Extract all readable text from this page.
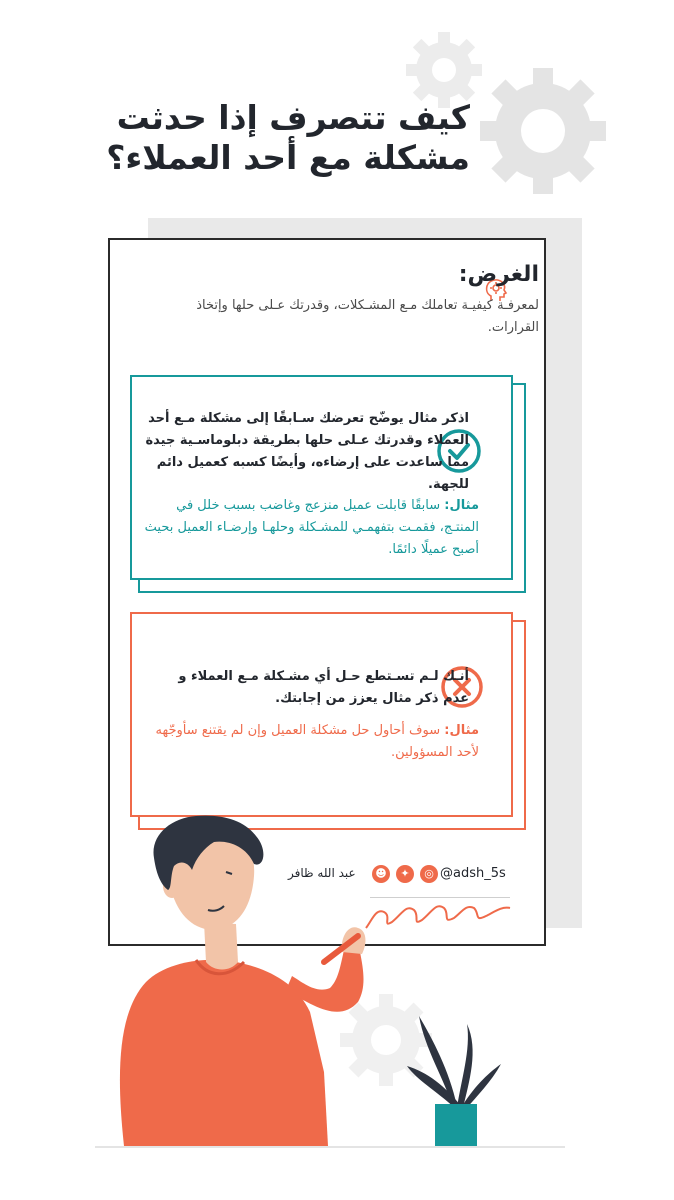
كيف تتصرف إذا حدثت
مشكلة مع أحد العملاء؟
الغرض:
لمعرفـة كيفيـة تعاملك مـع المشـكلات، وقدرتك عـلى حلها وإتخاذ القرارات.
اذكر مثال يوضّح تعرضك سـابقًا إلى مشكلة مـع أحد العملاء وقدرتك عـلى حلها بطريقة دبلوماسـية جيدة مما ساعدت على إرضاءه، وأيضًا كسبه كعميل دائم للجهة.
مثال: سابقًا قابلت عميل منزعج وغاضب بسبب خلل في المنتـج، فقمـت بتفهمـي للمشـكلة وحلهـا وإرضـاء العميل بحيث أصبح عميلًا دائمًا.
أنـك لـم تسـتطع حـل أي مشـكلة مـع العملاء و عدم ذكر مثال يعزز من إجابتك.
مثال: سوف أحاول حل مشكلة العميل وإن لم يقتنع سأوجّهه لأحد المسؤولين.
@adsh_5s
◎
✦
☻
عبد الله ظافر
